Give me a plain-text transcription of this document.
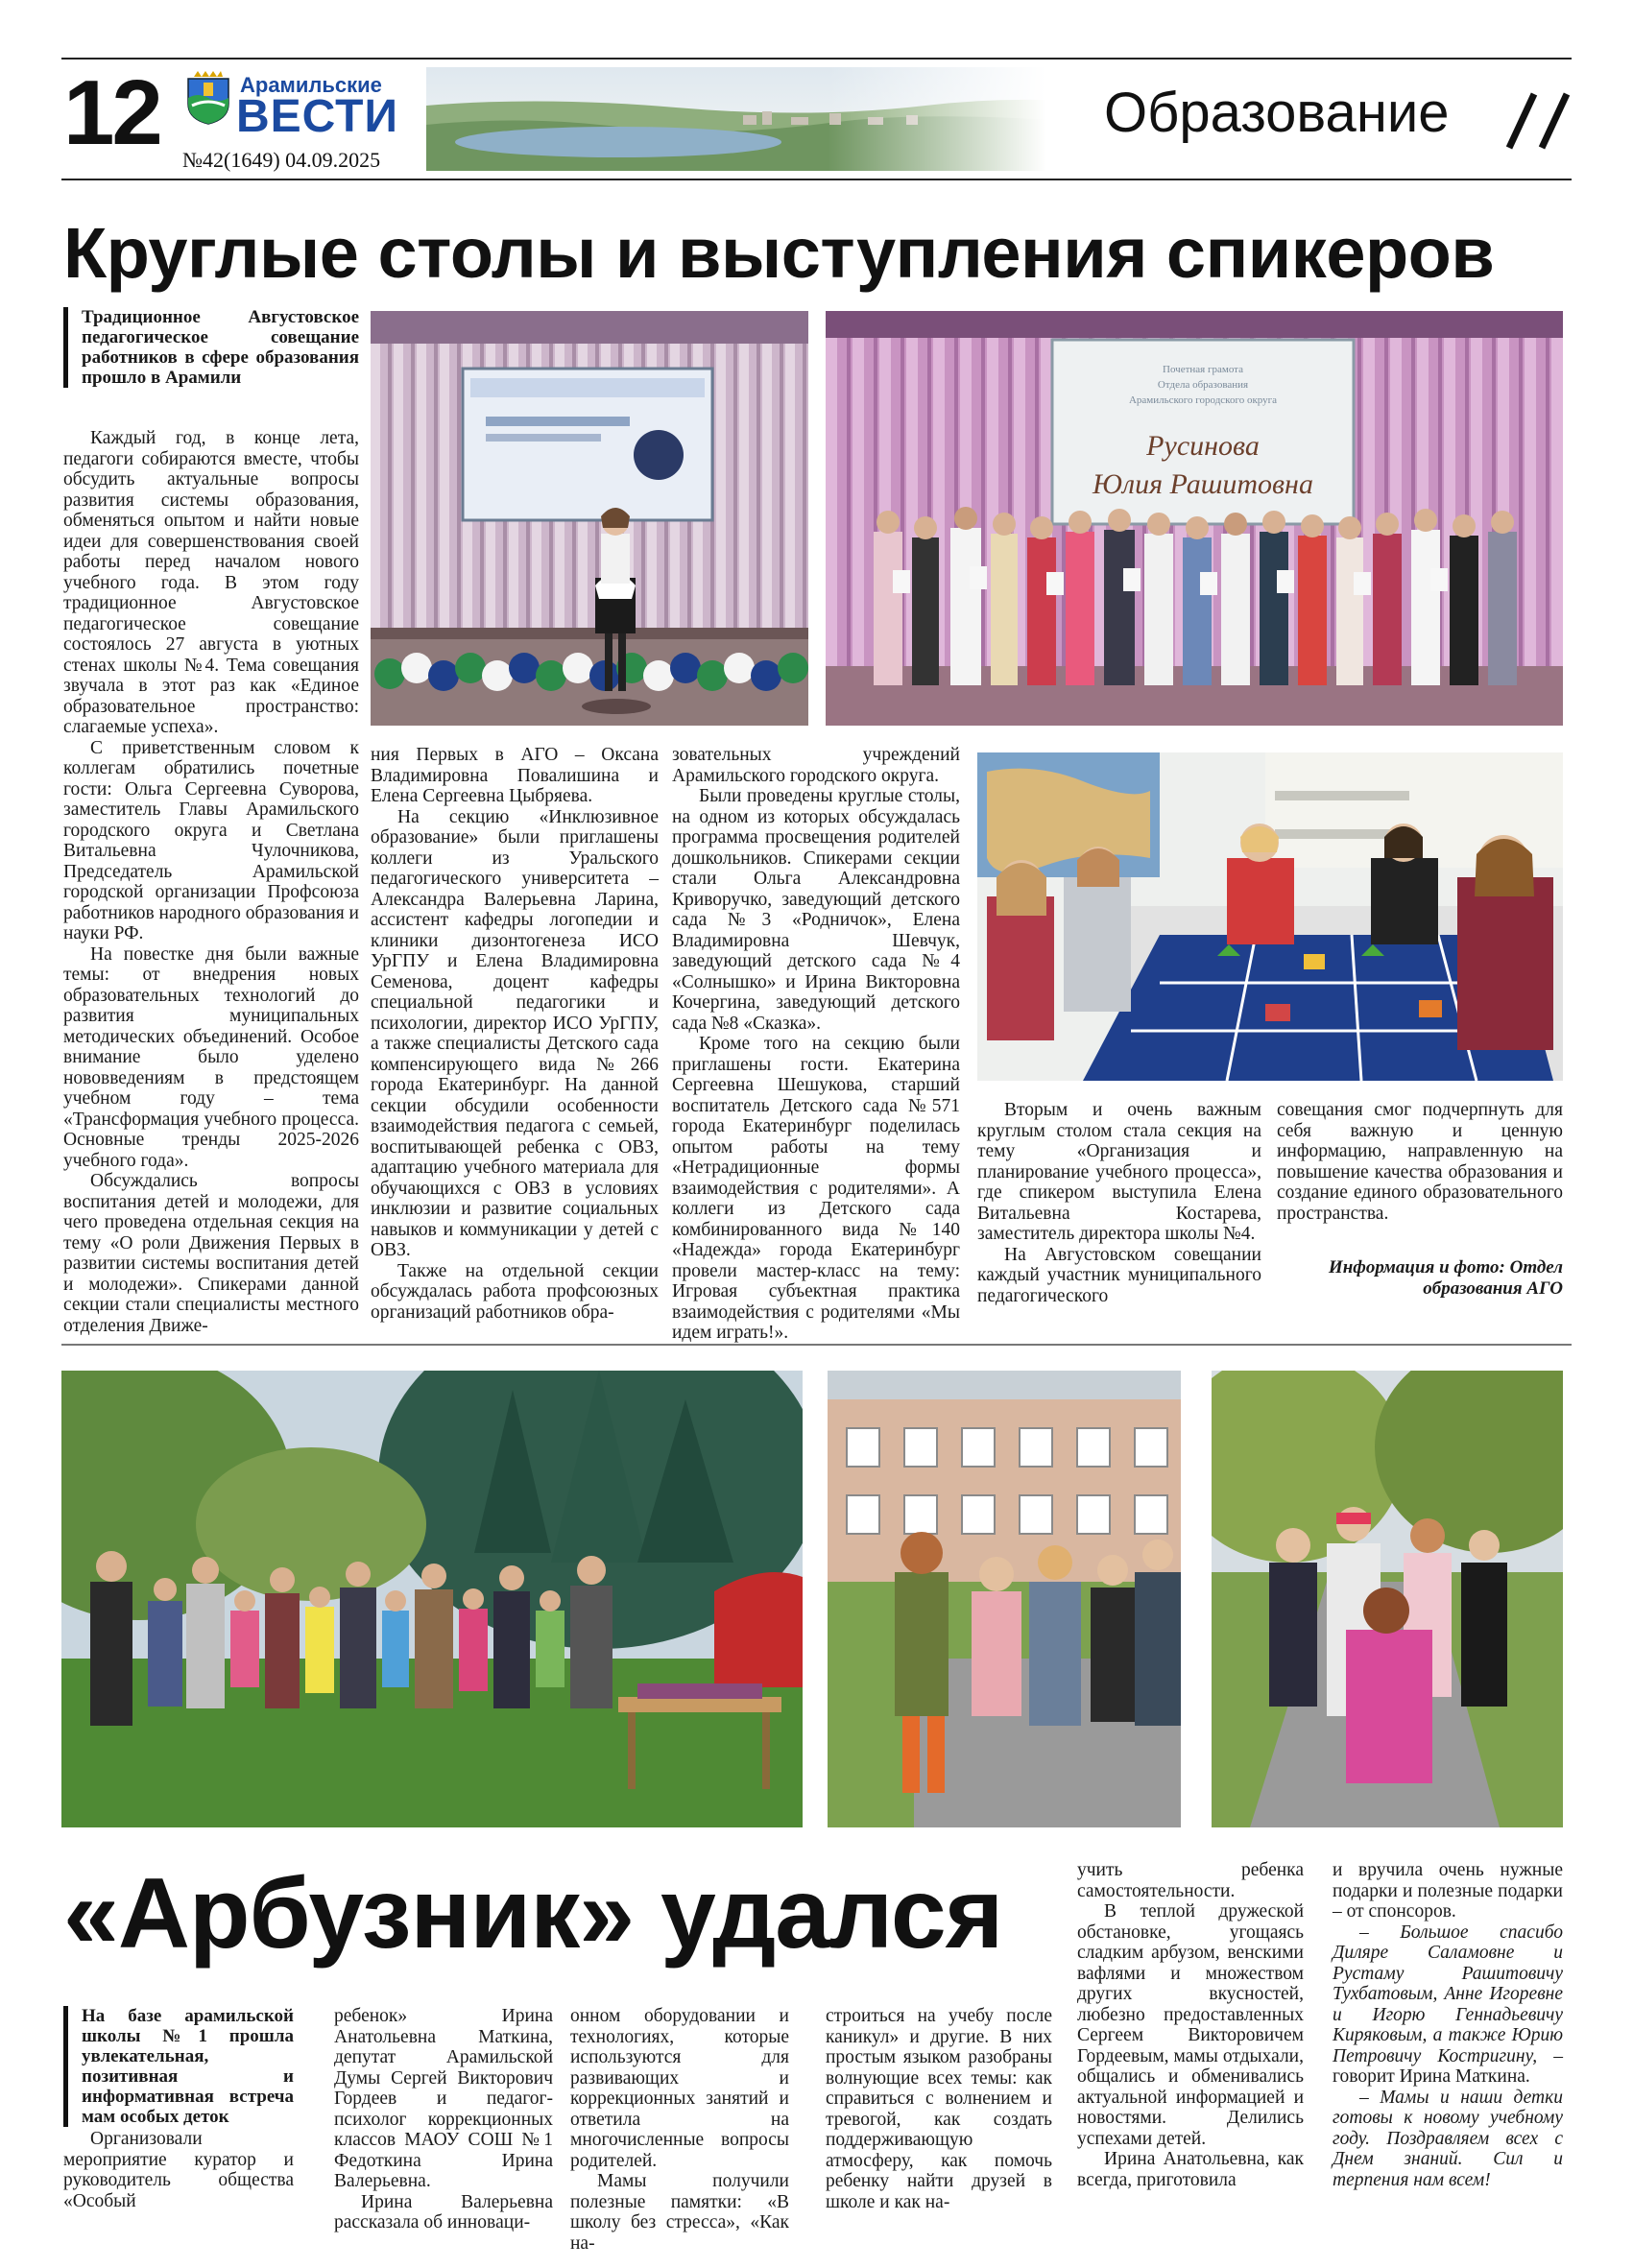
12	Арамильские
ВЕСТИ
№42(1649) 04.09.2025
Образование
Круглые столы и выступления спикеров
Традиционное Августовское педагогическое совещание работников в сфере образования прошло в Арамили	Почетная грамота
Отдела образования
Арамильского городского округа
Русинова
Юлия Рашитовна

Каждый год, в конце лета, педагоги собираются вместе, чтобы обсудить актуальные вопросы развития системы образования, обменяться опытом и найти новые идеи для совершенствования своей работы перед началом нового учебного года. В этом году традиционное Августовское педагогическое совещание состоялось 27 августа в уютных стенах школы №4. Тема совещания звучала в этот раз как «Единое образовательное пространство: слагаемые успеха».

С приветственным словом к коллегам обратились почетные гости: Ольга Сергеевна Суворова, заместитель Главы Арамильского городского округа и Светлана Витальевна Чулочникова, Председатель Арамильской городской организации Профсоюза работников народного образования и науки РФ.

На повестке дня были важные темы: от внедрения новых образовательных технологий до развития муниципальных методических объединений. Особое внимание было уделено нововведениям в предстоящем учебном году – тема «Трансформация учебного процесса. Основные тренды 2025-2026 учебного года».

Обсуждались вопросы воспитания детей и молодежи, для чего проведена отдельная секция на тему «О роли Движения Первых в развитии системы воспитания детей и молодежи». Спикерами данной секции стали специалисты местного отделения Движе-

ния Первых в АГО – Оксана Владимировна Повалишина и Елена Сергеевна Цыбряева.

На секцию «Инклюзивное образование» были приглашены коллеги из Уральского педагогического университета – Александра Валерьевна Ларина, ассистент кафедры логопедии и клиники дизонтогенеза ИСО УрГПУ и Елена Владимировна Семенова, доцент кафедры специальной педагогики и психологии, директор ИСО УрГПУ, а также специалисты Детского сада компенсирующего вида №266 города Екатеринбург. На данной секции обсудили особенности взаимодействия педагога с семьей, воспитывающей ребенка с ОВЗ, адаптацию учебного материала для обучающихся с ОВЗ в условиях инклюзии и развитие социальных навыков и коммуникации у детей с ОВЗ.

Также на отдельной секции обсуждалась работа профсоюзных организаций работников обра-

зовательных учреждений Арамильского городского округа.

Были проведены круглые столы, на одном из которых обсуждалась программа просвещения родителей дошкольников. Спикерами секции стали Ольга Александровна Криворучко, заведующий детского сада №3 «Родничок», Елена Владимировна Шевчук, заведующий детского сада №4 «Солнышко» и Ирина Викторовна Кочергина, заведующий детского сада №8 «Сказка».

Кроме того на секцию были приглашены гости. Екатерина Сергеевна Шешукова, старший воспитатель Детского сада №571 города Екатеринбург поделилась опытом работы на тему «Нетрадиционные формы взаимодействия с родителями». А коллеги из Детского сада комбинированного вида №140 «Надежда» города Екатеринбург провели мастер-класс на тему: Игровая субъектная практика взаимодействия с родителями «Мы идем играть!».

Вторым и очень важным круглым столом стала секция на тему «Организация и планирование учебного процесса», где спикером выступила Елена Витальевна Костарева, заместитель директора школы №4.

На Августовском совещании каждый участник муниципального педагогического

совещания смог подчерпнуть для себя важную и ценную информацию, направленную на повышение качества образования и создание единого образовательного пространства.

Информация и фото: Отдел образования АГО
«Арбузник» удался
На базе арамильской школы №1 прошла увлекательная, позитивная и информативная встреча мам особых деток

Организовали мероприятие куратор и руководитель общества «Особый

ребенок» Ирина Анатольевна Маткина, депутат Арамильской Думы Сергей Викторович Гордеев и педагог-психолог коррекционных классов МАОУ СОШ №1 Федоткина Ирина Валерьевна.

Ирина Валерьевна рассказала об инновaци-

онном оборудовании и технологиях, которые используются для развивающих и коррекционных занятий и ответила на многочисленные вопросы родителей.

Мамы получили полезные памятки: «В школу без стресса», «Как на-

строиться на учебу после каникул» и другие. В них простым языком разобраны волнующие всех темы: как справиться с волнением и тревогой, как создать поддерживающую атмосферу, как помочь ребенку найти друзей в школе и как на-

учить ребенка самостоятельности.

В теплой дружеской обстановке, угощаясь сладким арбузом, венскими вафлями и множеством других вкусностей, любезно предоставленных Сергеем Викторовичем Гордеевым, мамы отдыхали, общались и обменивались актуальной информацией и новостями. Делились успехами детей.

Ирина Анатольевна, как всегда, приготовила

и вручила очень нужные подарки и полезные подарки – от спонсоров.

– Большое спасибо Диляре Саламовне и Рустаму Рашитовичу Тухбатовым, Анне Игоревне и Игорю Геннадьевичу Киряковым, а также Юрию Петровичу Костригину, – говорит Ирина Маткина.

– Мамы и наши детки готовы к новому учебному году. Поздравляем всех с Днем знаний. Сил и терпения нам всем!
